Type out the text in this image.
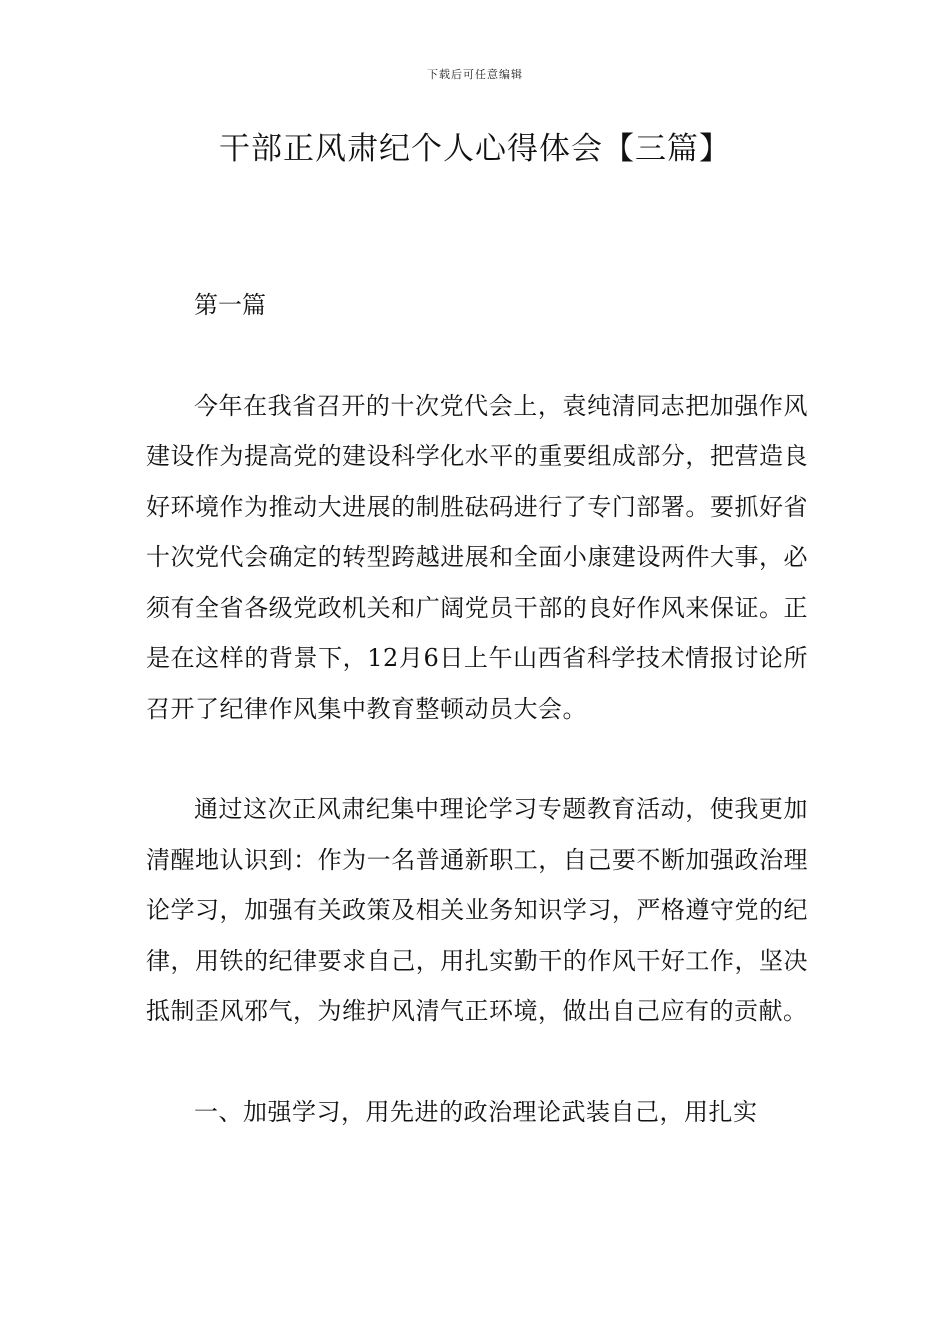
下载后可任意编辑
干部正风肃纪个人心得体会【三篇】

第一篇

今年在我省召开的十次党代会上，袁纯清同志把加强作风建设作为提高党的建设科学化水平的重要组成部分，把营造良好环境作为推动大进展的制胜砝码进行了专门部署。要抓好省十次党代会确定的转型跨越进展和全面小康建设两件大事，必须有全省各级党政机关和广阔党员干部的良好作风来保证。正是在这样的背景下，12月6日上午山西省科学技术情报讨论所召开了纪律作风集中教育整顿动员大会。

通过这次正风肃纪集中理论学习专题教育活动，使我更加清醒地认识到：作为一名普通新职工，自己要不断加强政治理论学习，加强有关政策及相关业务知识学习，严格遵守党的纪律，用铁的纪律要求自己，用扎实勤干的作风干好工作，坚决抵制歪风邪气，为维护风清气正环境，做出自己应有的贡献。

一、加强学习，用先进的政治理论武装自己，用扎实
